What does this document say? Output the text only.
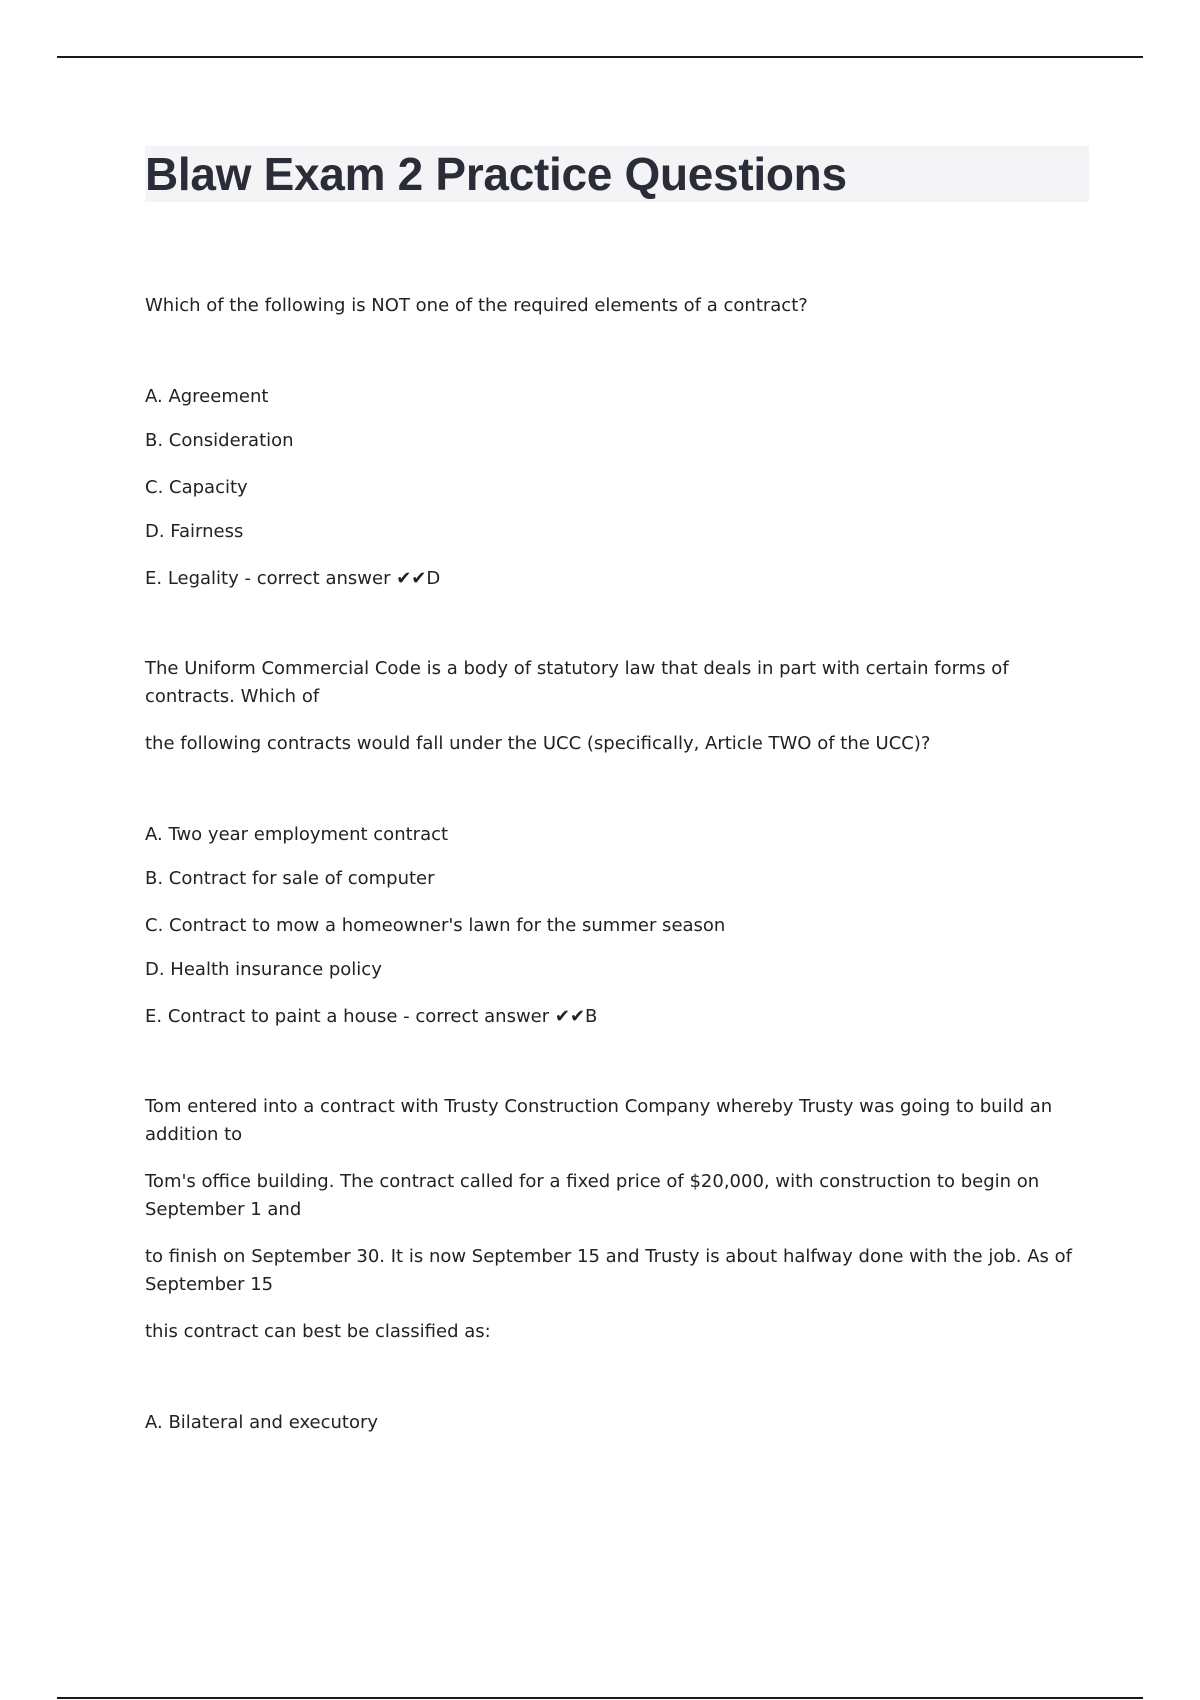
Blaw Exam 2 Practice Questions
Which of the following is NOT one of the required elements of a contract?
A. Agreement
B. Consideration
C. Capacity
D. Fairness
E. Legality - correct answer ✔✔D
The Uniform Commercial Code is a body of statutory law that deals in part with certain forms of contracts. Which of
the following contracts would fall under the UCC (specifically, Article TWO of the UCC)?
A. Two year employment contract
B. Contract for sale of computer
C. Contract to mow a homeowner's lawn for the summer season
D. Health insurance policy
E. Contract to paint a house - correct answer ✔✔B
Tom entered into a contract with Trusty Construction Company whereby Trusty was going to build an addition to
Tom's office building. The contract called for a fixed price of $20,000, with construction to begin on September 1 and
to finish on September 30. It is now September 15 and Trusty is about halfway done with the job. As of September 15
this contract can best be classified as:
A. Bilateral and executory
